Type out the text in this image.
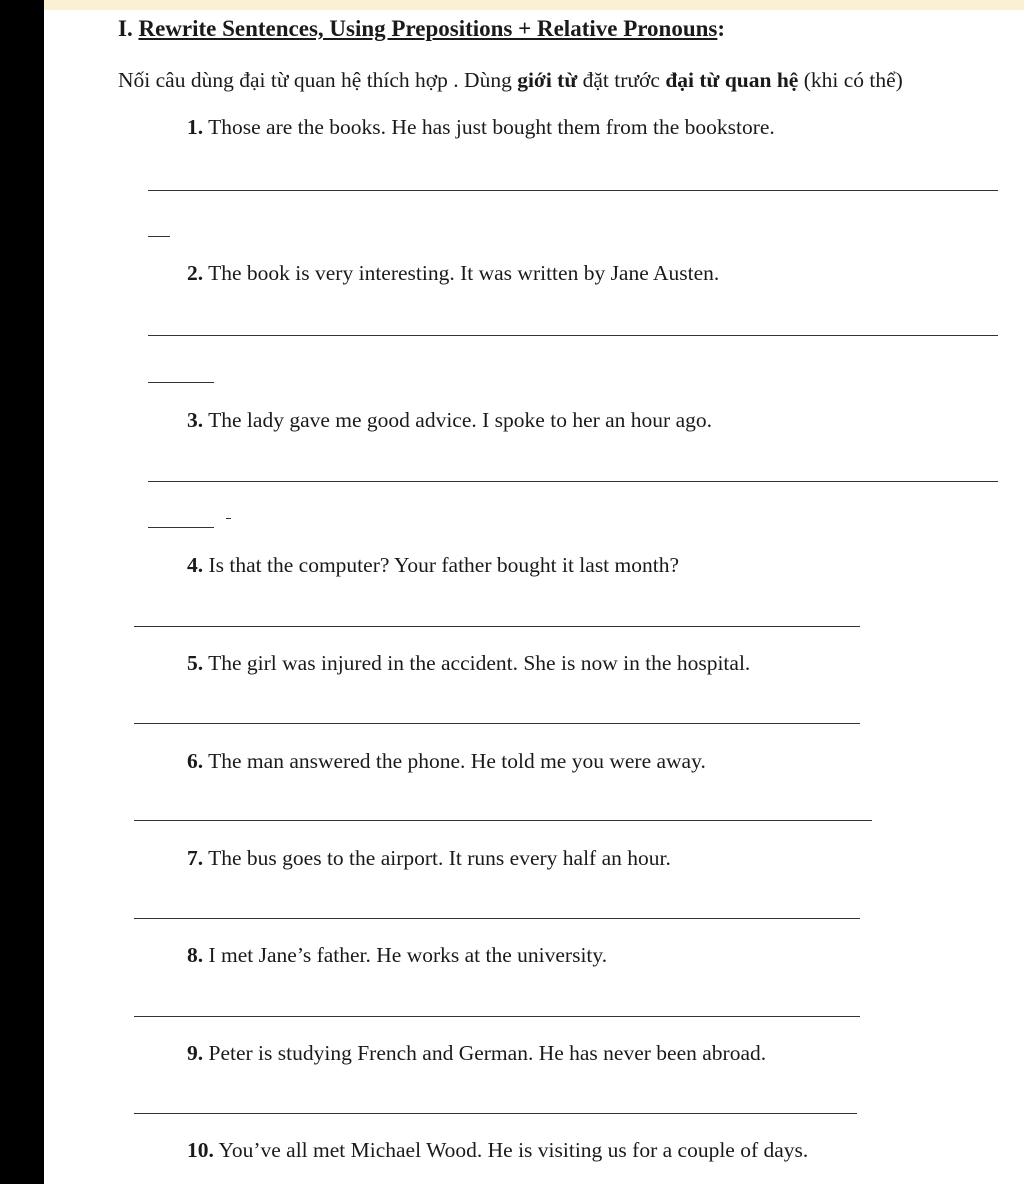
I. Rewrite Sentences, Using Prepositions + Relative Pronouns:

Nối câu dùng đại từ quan hệ thích hợp . Dùng giới từ đặt trước đại từ quan hệ (khi có thể)

1. Those are the books. He has just bought them from the bookstore.

2. The book is very interesting. It was written by Jane Austen.

3. The lady gave me good advice. I spoke to her an hour ago.

4. Is that the computer? Your father bought it last month?

5. The girl was injured in the accident. She is now in the hospital.

6. The man answered the phone. He told me you were away.

7. The bus goes to the airport. It runs every half an hour.

8. I met Jane’s father. He works at the university.

9. Peter is studying French and German. He has never been abroad.

10. You’ve all met Michael Wood. He is visiting us for a couple of days.
